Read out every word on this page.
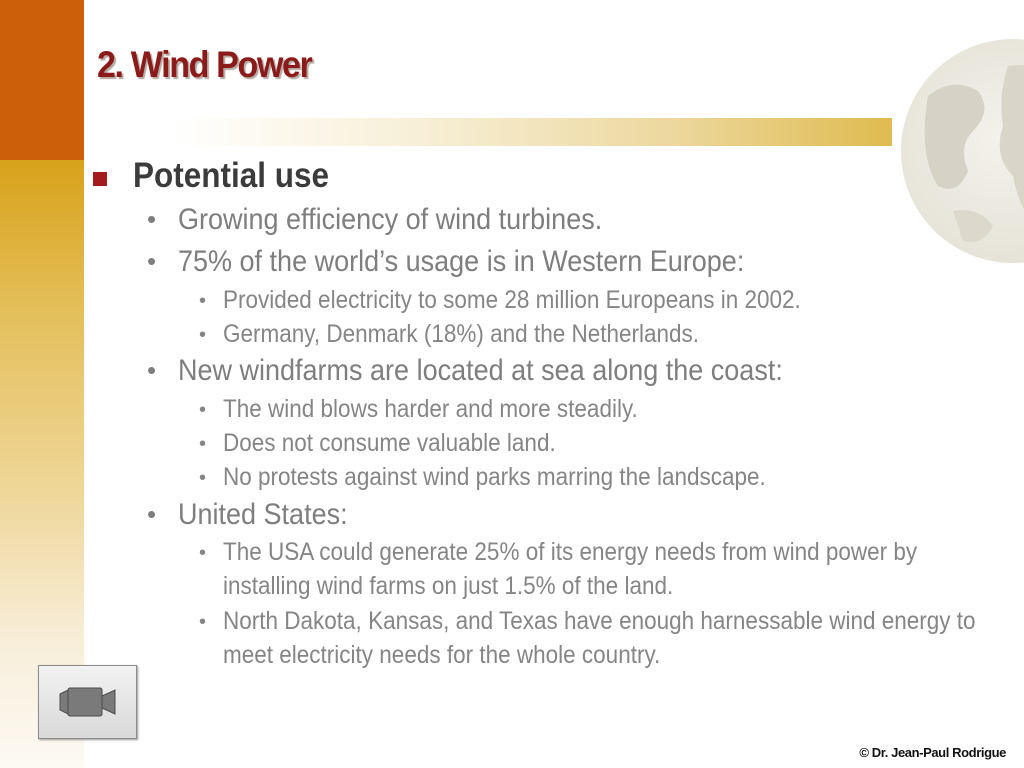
2. Wind Power
Potential use
• Growing efficiency of wind turbines.
• 75% of the world’s usage is in Western Europe:
• Provided electricity to some 28 million Europeans in 2002.
• Germany, Denmark (18%) and the Netherlands.
• New windfarms are located at sea along the coast:
• The wind blows harder and more steadily.
• Does not consume valuable land.
• No protests against wind parks marring the landscape.
• United States:
• The USA could generate 25% of its energy needs from wind power by installing wind farms on just 1.5% of the land.
• North Dakota, Kansas, and Texas have enough harnessable wind energy to meet electricity needs for the whole country.
© Dr. Jean-Paul Rodrigue
